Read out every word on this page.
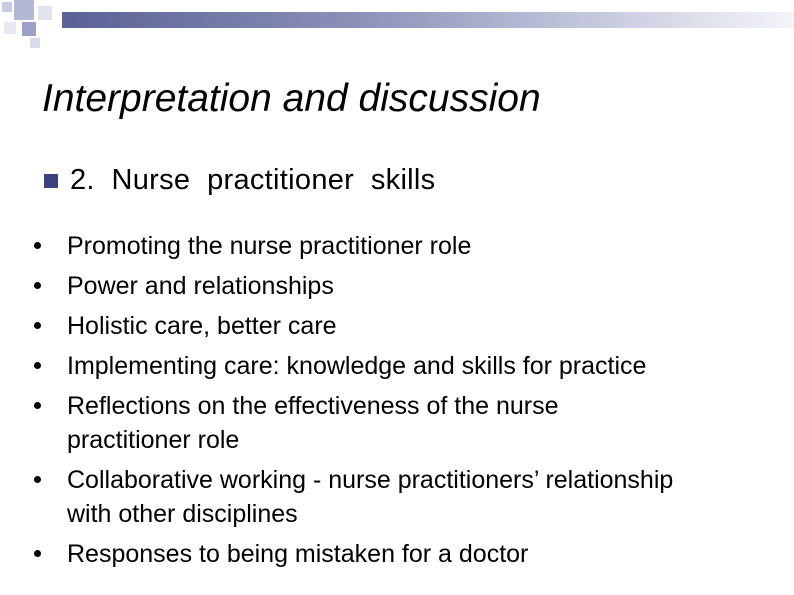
Interpretation and discussion
2.  Nurse  practitioner  skills
Promoting the nurse practitioner role
Power and relationships
Holistic care, better care
Implementing care: knowledge and skills for practice
Reflections on the effectiveness of the nurse
practitioner role
Collaborative working - nurse practitioners’ relationship
with other disciplines
Responses to being mistaken for a doctor
